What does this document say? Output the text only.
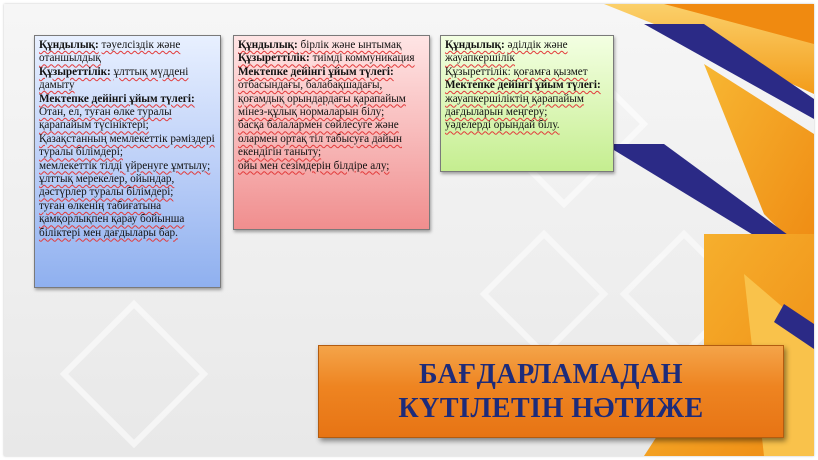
Құндылық: тәуелсіздік және отаншылдық

Құзыреттілік: ұлттық мүддені дамыту

Мектепке дейінгі ұйым түлегі:

Отан, ел, туған өлке туралы қарапайым түсініктері;

Қазақстанның мемлекеттік рәміздері туралы білімдері;

мемлекеттік тілді үйренуге ұмтылу;

ұлттық мерекелер, ойындар, дәстүрлер туралы білімдері;

туған өлкенің табиғатына қамқорлықпен қарау бойынша біліктері мен дағдылары бар.

Құндылық: бірлік және ынтымақ

Құзыреттілік: тиімді коммуникация

Мектепке дейінгі ұйым түлегі:

отбасындағы, балабақшадағы, қоғамдық орындардағы қарапайым мінез-құлық нормаларын білу;

басқа балалармен сөйлесуге және олармен ортақ тіл табысуға дайын екендігін таныту;

ойы мен сезімдерін білдіре алу;

Құндылық: әділдік және жауапкершілік

Құзыреттілік: қоғамға қызмет

Мектепке дейінгі ұйым түлегі:

жауапкершіліктің қарапайым дағдыларын меңгеру;

уәделерді орындай білу.

БАҒДАРЛАМАДАН
КҮТІЛЕТІН НӘТИЖЕ
